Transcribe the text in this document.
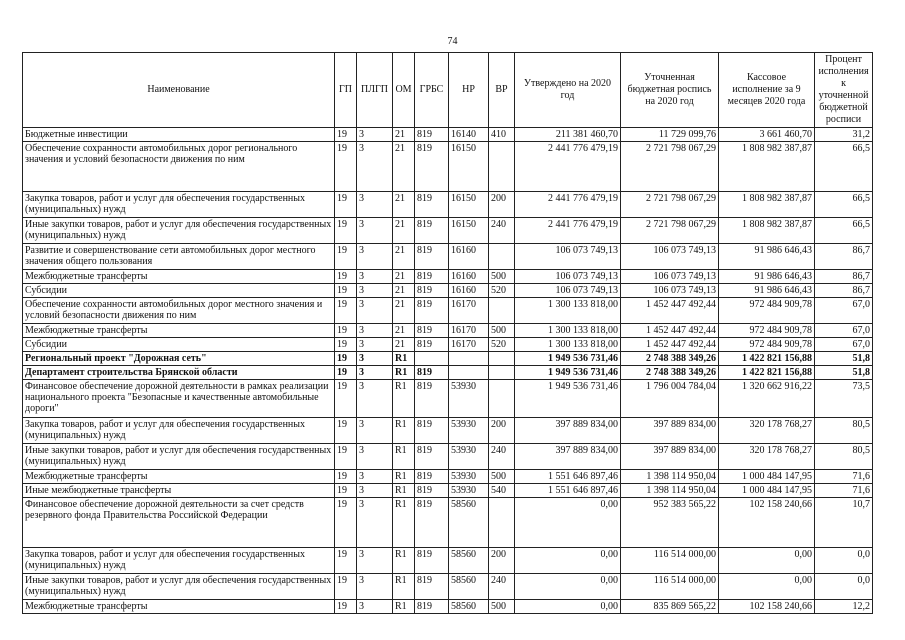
74
Наименование	ГП	ПЛГП	ОМ	ГРБС	НР	ВР	Утверждено на 2020 год	Уточненная бюджетная роспись на 2020 год	Кассовое исполнение за 9 месяцев 2020 года	Процент исполнения к уточненной бюджетной росписи
Бюджетные инвестиции	19	3	21	819	16140	410	211 381 460,70	11 729 099,76	3 661 460,70	31,2
Обеспечение сохранности автомобильных дорог регионального значения и условий безопасности движения по ним	19	3	21	819	16150		2 441 776 479,19	2 721 798 067,29	1 808 982 387,87	66,5
Закупка товаров, работ и услуг для обеспечения государственных (муниципальных) нужд	19	3	21	819	16150	200	2 441 776 479,19	2 721 798 067,29	1 808 982 387,87	66,5
Иные закупки товаров, работ и услуг для обеспечения государственных (муниципальных) нужд	19	3	21	819	16150	240	2 441 776 479,19	2 721 798 067,29	1 808 982 387,87	66,5
Развитие и совершенствование сети автомобильных дорог местного значения общего пользования	19	3	21	819	16160		106 073 749,13	106 073 749,13	91 986 646,43	86,7
Межбюджетные трансферты	19	3	21	819	16160	500	106 073 749,13	106 073 749,13	91 986 646,43	86,7
Субсидии	19	3	21	819	16160	520	106 073 749,13	106 073 749,13	91 986 646,43	86,7
Обеспечение сохранности автомобильных дорог местного значения и условий безопасности движения по ним	19	3	21	819	16170		1 300 133 818,00	1 452 447 492,44	972 484 909,78	67,0
Межбюджетные трансферты	19	3	21	819	16170	500	1 300 133 818,00	1 452 447 492,44	972 484 909,78	67,0
Субсидии	19	3	21	819	16170	520	1 300 133 818,00	1 452 447 492,44	972 484 909,78	67,0
Региональный проект "Дорожная сеть"	19	3	R1				1 949 536 731,46	2 748 388 349,26	1 422 821 156,88	51,8
Департамент строительства Брянской области	19	3	R1	819			1 949 536 731,46	2 748 388 349,26	1 422 821 156,88	51,8
Финансовое обеспечение дорожной деятельности в рамках реализации национального проекта "Безопасные и качественные автомобильные дороги"	19	3	R1	819	53930		1 949 536 731,46	1 796 004 784,04	1 320 662 916,22	73,5
Закупка товаров, работ и услуг для обеспечения государственных (муниципальных) нужд	19	3	R1	819	53930	200	397 889 834,00	397 889 834,00	320 178 768,27	80,5
Иные закупки товаров, работ и услуг для обеспечения государственных (муниципальных) нужд	19	3	R1	819	53930	240	397 889 834,00	397 889 834,00	320 178 768,27	80,5
Межбюджетные трансферты	19	3	R1	819	53930	500	1 551 646 897,46	1 398 114 950,04	1 000 484 147,95	71,6
Иные межбюджетные трансферты	19	3	R1	819	53930	540	1 551 646 897,46	1 398 114 950,04	1 000 484 147,95	71,6
Финансовое обеспечение дорожной деятельности за счет средств резервного фонда Правительства Российской Федерации	19	3	R1	819	58560		0,00	952 383 565,22	102 158 240,66	10,7
Закупка товаров, работ и услуг для обеспечения государственных (муниципальных) нужд	19	3	R1	819	58560	200	0,00	116 514 000,00	0,00	0,0
Иные закупки товаров, работ и услуг для обеспечения государственных (муниципальных) нужд	19	3	R1	819	58560	240	0,00	116 514 000,00	0,00	0,0
Межбюджетные трансферты	19	3	R1	819	58560	500	0,00	835 869 565,22	102 158 240,66	12,2
